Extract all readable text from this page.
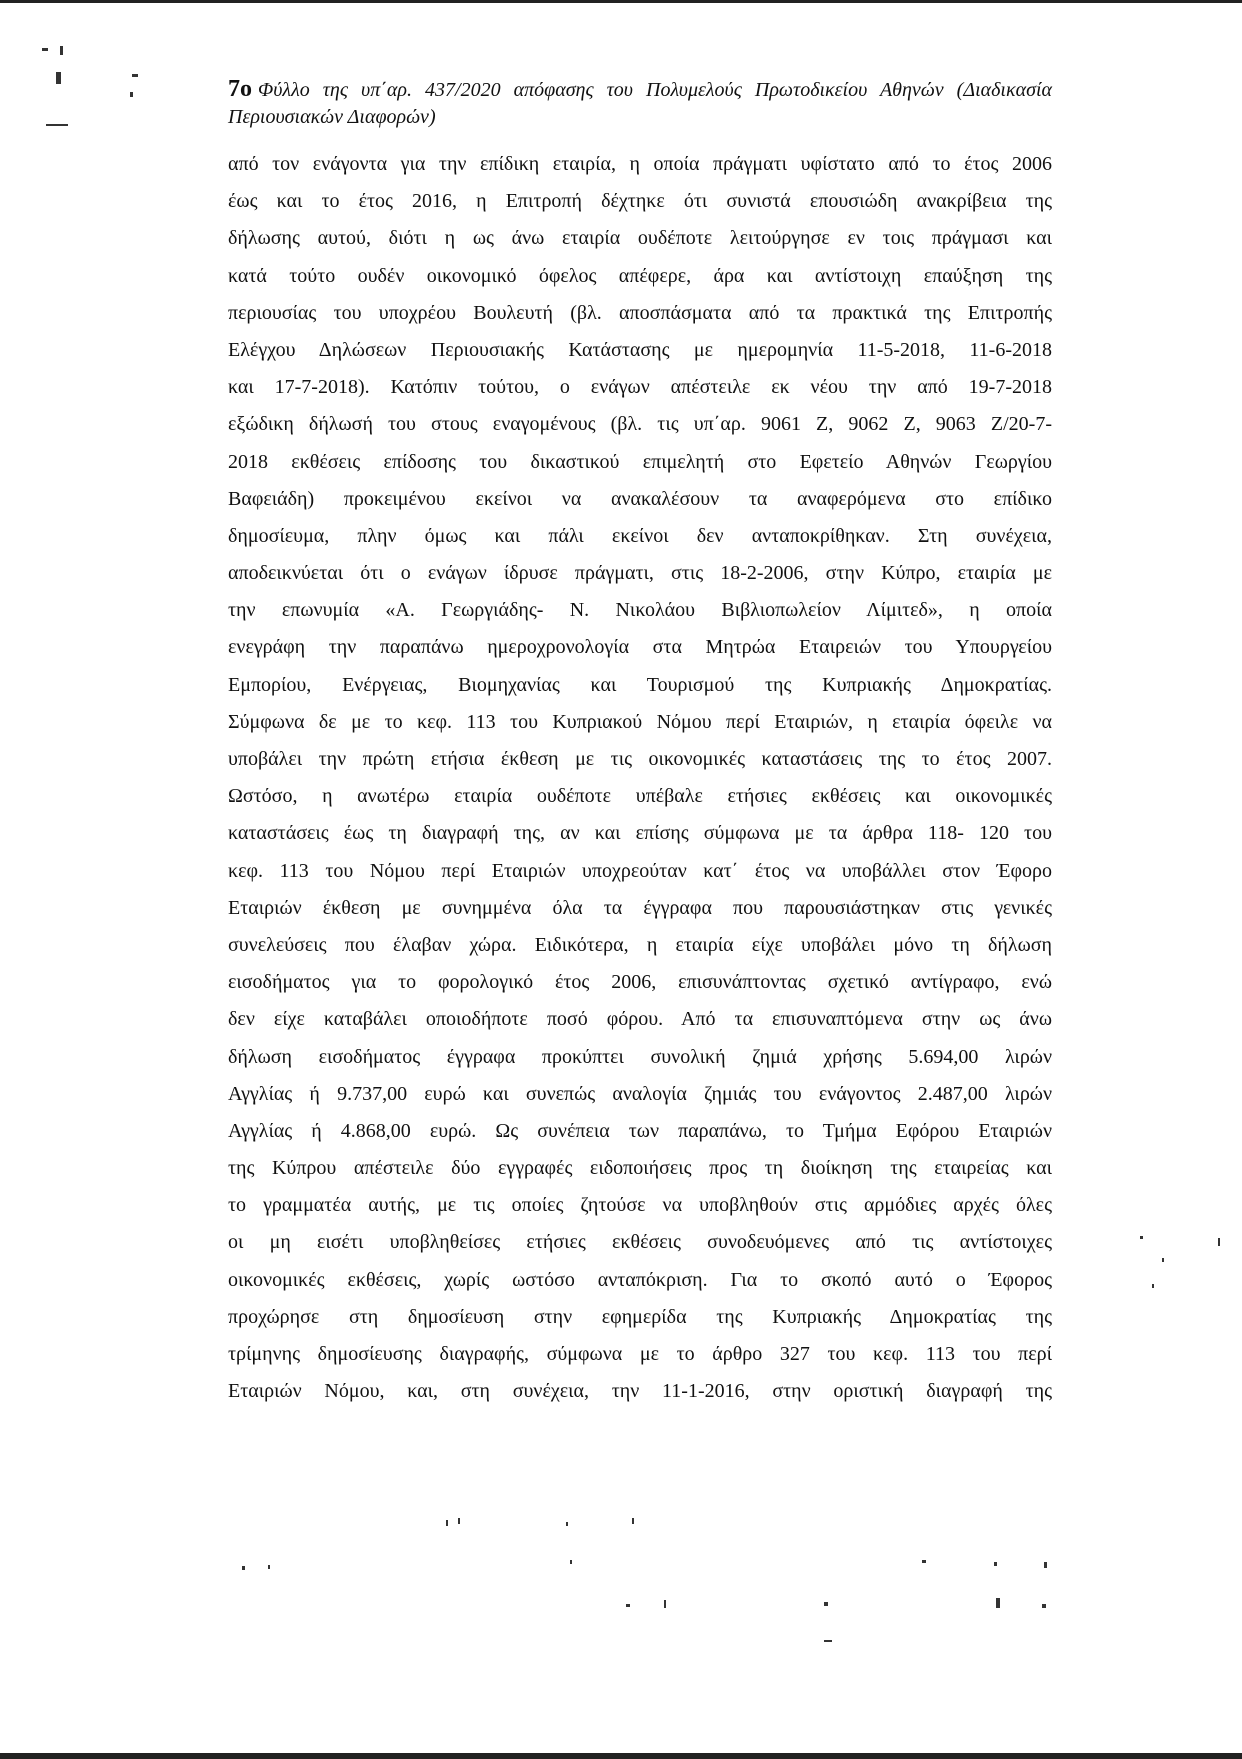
7ο Φύλλο της υπ΄αρ. 437/2020 απόφασης του Πολυμελούς Πρωτοδικείου Αθηνών (Διαδικασία Περιουσιακών Διαφορών)
από τον ενάγοντα για την επίδικη εταιρία, η οποία πράγματι υφίστατο από το έτος 2006
έως και το έτος 2016, η Επιτροπή δέχτηκε ότι συνιστά επουσιώδη ανακρίβεια της
δήλωσης αυτού, διότι η ως άνω εταιρία ουδέποτε λειτούργησε εν τοις πράγμασι και
κατά τούτο ουδέν οικονομικό όφελος απέφερε, άρα και αντίστοιχη επαύξηση της
περιουσίας του υποχρέου Βουλευτή (βλ. αποσπάσματα από τα πρακτικά της Επιτροπής
Ελέγχου Δηλώσεων Περιουσιακής Κατάστασης με ημερομηνία 11-5-2018, 11-6-2018
και 17-7-2018). Κατόπιν τούτου, ο ενάγων απέστειλε εκ νέου την από 19-7-2018
εξώδικη δήλωσή του στους εναγομένους (βλ. τις υπ΄αρ. 9061 Ζ, 9062 Ζ, 9063 Ζ/20-7-
2018 εκθέσεις επίδοσης του δικαστικού επιμελητή στο Εφετείο Αθηνών Γεωργίου
Βαφειάδη) προκειμένου εκείνοι να ανακαλέσουν τα αναφερόμενα στο επίδικο
δημοσίευμα, πλην όμως και πάλι εκείνοι δεν ανταποκρίθηκαν. Στη συνέχεια,
αποδεικνύεται ότι ο ενάγων ίδρυσε πράγματι, στις 18-2-2006, στην Κύπρο, εταιρία με
την επωνυμία «Α. Γεωργιάδης- Ν. Νικολάου Βιβλιοπωλείον Λίμιτεδ», η οποία
ενεγράφη την παραπάνω ημεροχρονολογία στα Μητρώα Εταιρειών του Υπουργείου
Εμπορίου, Ενέργειας, Βιομηχανίας και Τουρισμού της Κυπριακής Δημοκρατίας.
Σύμφωνα δε με το κεφ. 113 του Κυπριακού Νόμου περί Εταιριών, η εταιρία όφειλε να
υποβάλει την πρώτη ετήσια έκθεση με τις οικονομικές καταστάσεις της το έτος 2007.
Ωστόσο, η ανωτέρω εταιρία ουδέποτε υπέβαλε ετήσιες εκθέσεις και οικονομικές
καταστάσεις έως τη διαγραφή της, αν και επίσης σύμφωνα με τα άρθρα 118- 120 του
κεφ. 113 του Νόμου περί Εταιριών υποχρεούταν κατ΄ έτος να υποβάλλει στον Έφορο
Εταιριών έκθεση με συνημμένα όλα τα έγγραφα που παρουσιάστηκαν στις γενικές
συνελεύσεις που έλαβαν χώρα. Ειδικότερα, η εταιρία είχε υποβάλει μόνο τη δήλωση
εισοδήματος για το φορολογικό έτος 2006, επισυνάπτοντας σχετικό αντίγραφο, ενώ
δεν είχε καταβάλει οποιοδήποτε ποσό φόρου. Από τα επισυναπτόμενα στην ως άνω
δήλωση εισοδήματος έγγραφα προκύπτει συνολική ζημιά χρήσης 5.694,00 λιρών
Αγγλίας ή 9.737,00 ευρώ και συνεπώς αναλογία ζημιάς του ενάγοντος 2.487,00 λιρών
Αγγλίας ή 4.868,00 ευρώ. Ως συνέπεια των παραπάνω, το Τμήμα Εφόρου Εταιριών
της Κύπρου απέστειλε δύο εγγραφές ειδοποιήσεις προς τη διοίκηση της εταιρείας και
το γραμματέα αυτής, με τις οποίες ζητούσε να υποβληθούν στις αρμόδιες αρχές όλες
οι μη εισέτι υποβληθείσες ετήσιες εκθέσεις συνοδευόμενες από τις αντίστοιχες
οικονομικές εκθέσεις, χωρίς ωστόσο ανταπόκριση. Για το σκοπό αυτό ο Έφορος
προχώρησε στη δημοσίευση στην εφημερίδα της Κυπριακής Δημοκρατίας της
τρίμηνης δημοσίευσης διαγραφής, σύμφωνα με το άρθρο 327 του κεφ. 113 του περί
Εταιριών Νόμου, και, στη συνέχεια, την 11-1-2016, στην οριστική διαγραφή της
